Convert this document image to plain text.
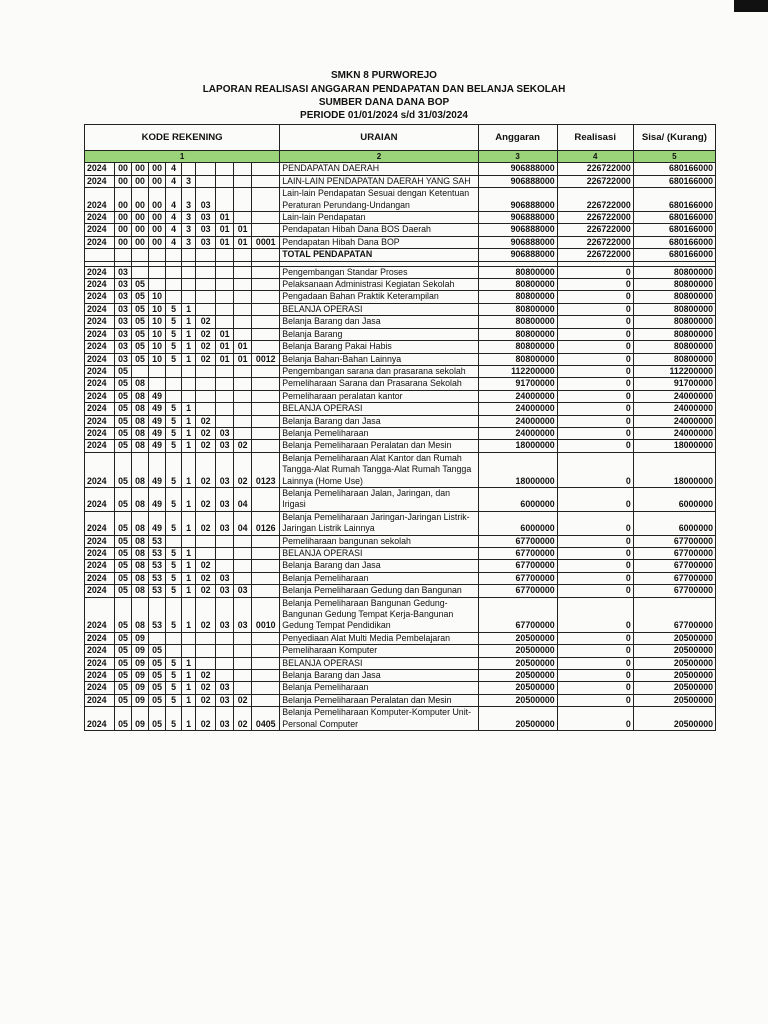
SMKN 8 PURWOREJO
LAPORAN REALISASI ANGGARAN PENDAPATAN DAN BELANJA SEKOLAH
SUMBER DANA DANA BOP
PERIODE 01/01/2024 s/d 31/03/2024
KODE REKENING										URAIAN	Anggaran	Realisasi	Sisa/ (Kurang)
1										2	3	4	5
2024	00	00	00	4						PENDAPATAN DAERAH	906888000	226722000	680166000
2024	00	00	00	4	3					LAIN-LAIN PENDAPATAN DAERAH YANG SAH	906888000	226722000	680166000
2024	00	00	00	4	3	03				Lain-lain Pendapatan Sesuai dengan Ketentuan Peraturan Perundang-Undangan	906888000	226722000	680166000
2024	00	00	00	4	3	03	01			Lain-lain Pendapatan	906888000	226722000	680166000
2024	00	00	00	4	3	03	01	01		Pendapatan Hibah Dana BOS Daerah	906888000	226722000	680166000
2024	00	00	00	4	3	03	01	01	0001	Pendapatan Hibah Dana BOP	906888000	226722000	680166000
										TOTAL PENDAPATAN	906888000	226722000	680166000

2024	03									Pengembangan Standar Proses	80800000	0	80800000
2024	03	05								Pelaksanaan Administrasi Kegiatan Sekolah	80800000	0	80800000
2024	03	05	10							Pengadaan Bahan Praktik Keterampilan	80800000	0	80800000
2024	03	05	10	5	1					BELANJA OPERASI	80800000	0	80800000
2024	03	05	10	5	1	02				Belanja Barang dan Jasa	80800000	0	80800000
2024	03	05	10	5	1	02	01			Belanja Barang	80800000	0	80800000
2024	03	05	10	5	1	02	01	01		Belanja Barang Pakai Habis	80800000	0	80800000
2024	03	05	10	5	1	02	01	01	0012	Belanja Bahan-Bahan Lainnya	80800000	0	80800000
2024	05									Pengembangan sarana dan prasarana sekolah	112200000	0	112200000
2024	05	08								Pemeliharaan Sarana dan Prasarana Sekolah	91700000	0	91700000
2024	05	08	49							Pemeliharaan peralatan kantor	24000000	0	24000000
2024	05	08	49	5	1					BELANJA OPERASI	24000000	0	24000000
2024	05	08	49	5	1	02				Belanja Barang dan Jasa	24000000	0	24000000
2024	05	08	49	5	1	02	03			Belanja Pemeliharaan	24000000	0	24000000
2024	05	08	49	5	1	02	03	02		Belanja Pemeliharaan Peralatan dan Mesin	18000000	0	18000000
2024	05	08	49	5	1	02	03	02	0123	Belanja Pemeliharaan Alat Kantor dan Rumah Tangga-Alat Rumah Tangga-Alat Rumah Tangga Lainnya (Home Use)	18000000	0	18000000
2024	05	08	49	5	1	02	03	04		Belanja Pemeliharaan Jalan, Jaringan, dan Irigasi	6000000	0	6000000
2024	05	08	49	5	1	02	03	04	0126	Belanja Pemeliharaan Jaringan-Jaringan Listrik-Jaringan Listrik Lainnya	6000000	0	6000000
2024	05	08	53							Pemeliharaan bangunan sekolah	67700000	0	67700000
2024	05	08	53	5	1					BELANJA OPERASI	67700000	0	67700000
2024	05	08	53	5	1	02				Belanja Barang dan Jasa	67700000	0	67700000
2024	05	08	53	5	1	02	03			Belanja Pemeliharaan	67700000	0	67700000
2024	05	08	53	5	1	02	03	03		Belanja Pemeliharaan Gedung dan Bangunan	67700000	0	67700000
2024	05	08	53	5	1	02	03	03	0010	Belanja Pemeliharaan Bangunan Gedung-Bangunan Gedung Tempat Kerja-Bangunan Gedung Tempat Pendidikan	67700000	0	67700000
2024	05	09								Penyediaan Alat Multi Media Pembelajaran	20500000	0	20500000
2024	05	09	05							Pemeliharaan Komputer	20500000	0	20500000
2024	05	09	05	5	1					BELANJA OPERASI	20500000	0	20500000
2024	05	09	05	5	1	02				Belanja Barang dan Jasa	20500000	0	20500000
2024	05	09	05	5	1	02	03			Belanja Pemeliharaan	20500000	0	20500000
2024	05	09	05	5	1	02	03	02		Belanja Pemeliharaan Peralatan dan Mesin	20500000	0	20500000
2024	05	09	05	5	1	02	03	02	0405	Belanja Pemeliharaan Komputer-Komputer Unit-Personal Computer	20500000	0	20500000
